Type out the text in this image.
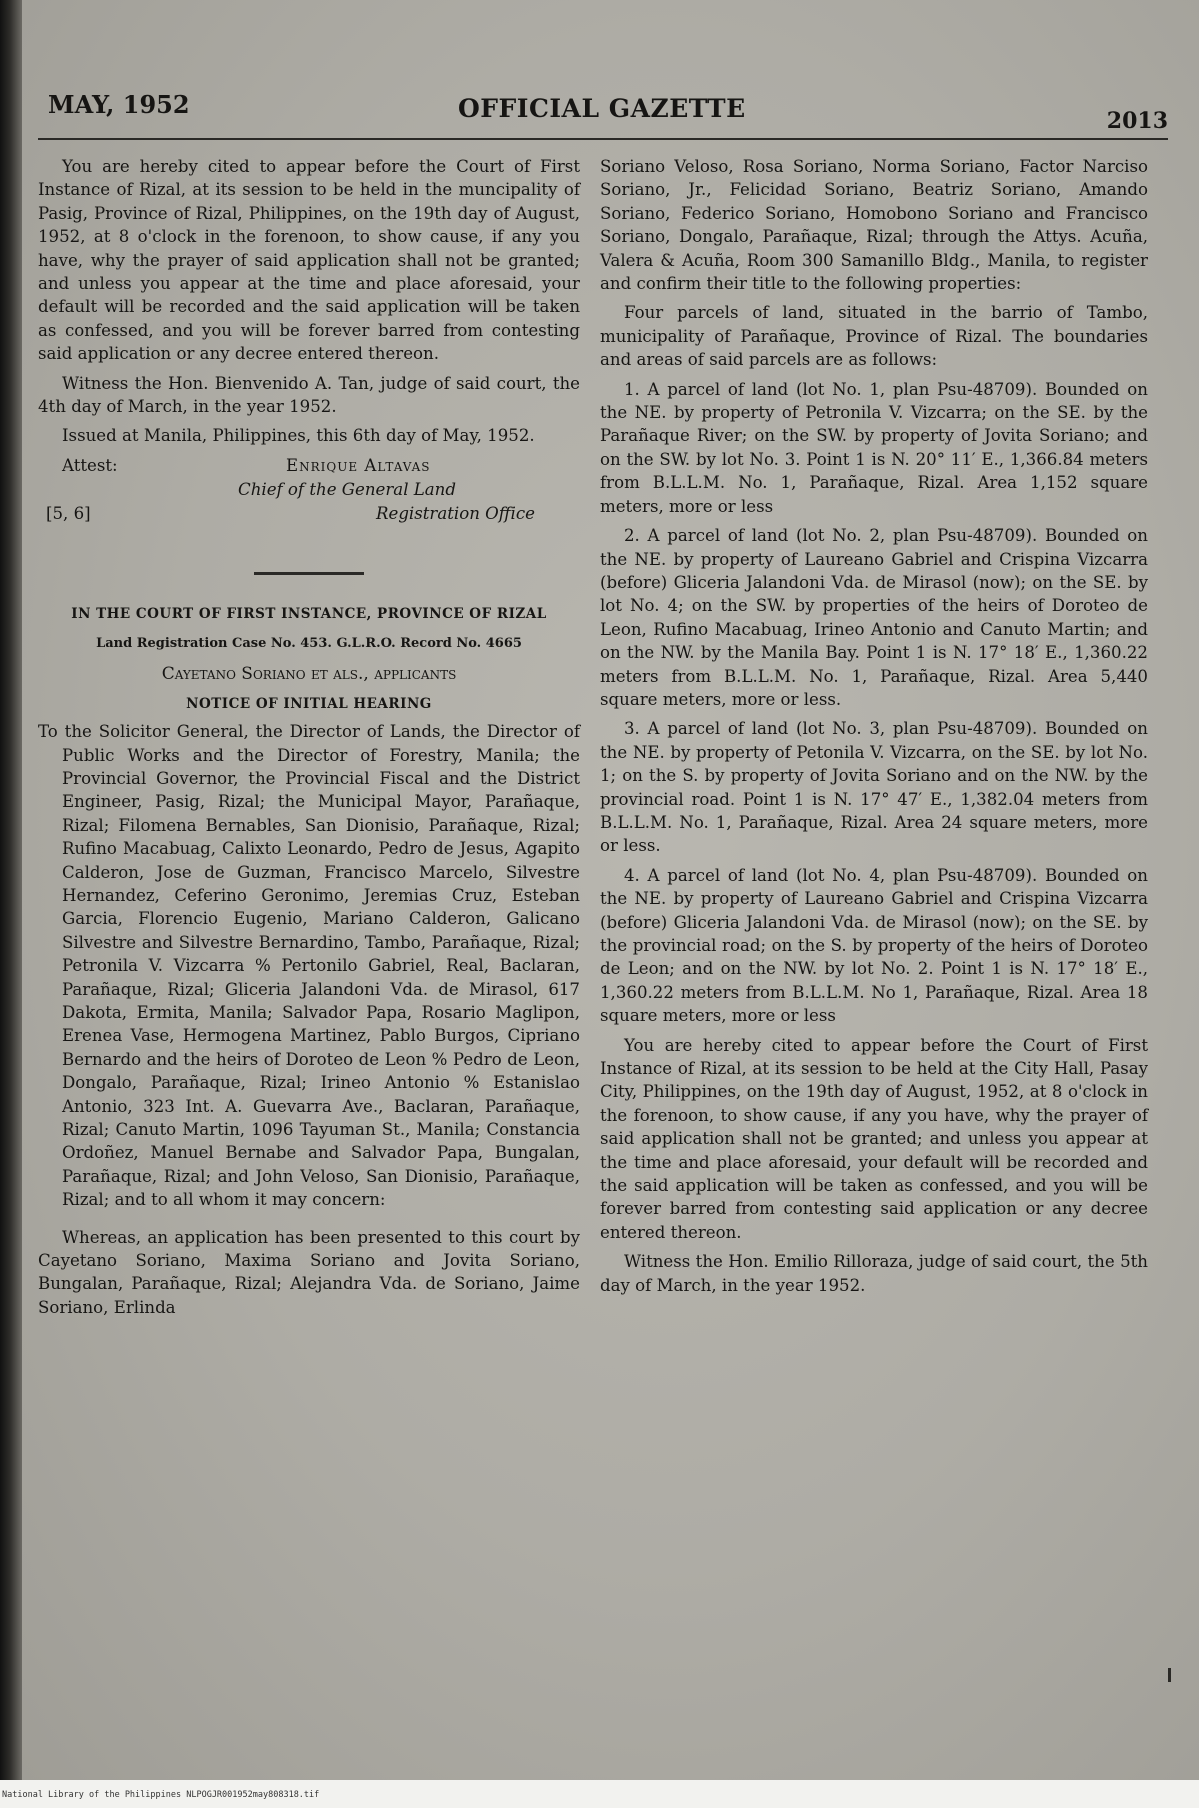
MAY, 1952	OFFICIAL GAZETTE	2013

You are hereby cited to appear before the Court of First Instance of Rizal, at its session to be held in the muncipality of Pasig, Province of Rizal, Philippines, on the 19th day of August, 1952, at 8 o'clock in the forenoon, to show cause, if any you have, why the prayer of said application shall not be granted; and unless you appear at the time and place aforesaid, your default will be recorded and the said application will be taken as confessed, and you will be forever barred from contesting said application or any decree entered thereon.

Witness the Hon. Bienvenido A. Tan, judge of said court, the 4th day of March, in the year 1952.

Issued at Manila, Philippines, this 6th day of May, 1952.

Attest:	Enrique Altavas
Chief of the General Land
[5, 6]	Registration Office
IN THE COURT OF FIRST INSTANCE, PROVINCE OF RIZAL
Land Registration Case No. 453. G.L.R.O. Record No. 4665
Cayetano Soriano et als., applicants
NOTICE OF INITIAL HEARING

To the Solicitor General, the Director of Lands, the Director of Public Works and the Director of Forestry, Manila; the Provincial Governor, the Provincial Fiscal and the District Engineer, Pasig, Rizal; the Municipal Mayor, Parañaque, Rizal; Filomena Bernables, San Dionisio, Parañaque, Rizal; Rufino Macabuag, Calixto Leonardo, Pedro de Jesus, Agapito Calderon, Jose de Guzman, Francisco Marcelo, Silvestre Hernandez, Ceferino Geronimo, Jeremias Cruz, Esteban Garcia, Florencio Eugenio, Mariano Calderon, Galicano Silvestre and Silvestre Bernardino, Tambo, Parañaque, Rizal; Petronila V. Vizcarra % Pertonilo Gabriel, Real, Baclaran, Parañaque, Rizal; Gliceria Jalandoni Vda. de Mirasol, 617 Dakota, Ermita, Manila; Salvador Papa, Rosario Maglipon, Erenea Vase, Hermogena Martinez, Pablo Burgos, Cipriano Bernardo and the heirs of Doroteo de Leon % Pedro de Leon, Dongalo, Parañaque, Rizal; Irineo Antonio % Estanislao Antonio, 323 Int. A. Guevarra Ave., Baclaran, Parañaque, Rizal; Canuto Martin, 1096 Tayuman St., Manila; Constancia Ordoñez, Manuel Bernabe and Salvador Papa, Bungalan, Parañaque, Rizal; and John Veloso, San Dionisio, Parañaque, Rizal; and to all whom it may concern:

Whereas, an application has been presented to this court by Cayetano Soriano, Maxima Soriano and Jovita Soriano, Bungalan, Parañaque, Rizal; Alejandra Vda. de Soriano, Jaime Soriano, Erlinda

Soriano Veloso, Rosa Soriano, Norma Soriano, Factor Narciso Soriano, Jr., Felicidad Soriano, Beatriz Soriano, Amando Soriano, Federico Soriano, Homobono Soriano and Francisco Soriano, Dongalo, Parañaque, Rizal; through the Attys. Acuña, Valera & Acuña, Room 300 Samanillo Bldg., Manila, to register and confirm their title to the following properties:

Four parcels of land, situated in the barrio of Tambo, municipality of Parañaque, Province of Rizal. The boundaries and areas of said parcels are as follows:

1. A parcel of land (lot No. 1, plan Psu-48709). Bounded on the NE. by property of Petronila V. Vizcarra; on the SE. by the Parañaque River; on the SW. by property of Jovita Soriano; and on the SW. by lot No. 3. Point 1 is N. 20° 11′ E., 1,366.84 meters from B.L.L.M. No. 1, Parañaque, Rizal. Area 1,152 square meters, more or less

2. A parcel of land (lot No. 2, plan Psu-48709). Bounded on the NE. by property of Laureano Gabriel and Crispina Vizcarra (before) Gliceria Jalandoni Vda. de Mirasol (now); on the SE. by lot No. 4; on the SW. by properties of the heirs of Doroteo de Leon, Rufino Macabuag, Irineo Antonio and Canuto Martin; and on the NW. by the Manila Bay. Point 1 is N. 17° 18′ E., 1,360.22 meters from B.L.L.M. No. 1, Parañaque, Rizal. Area 5,440 square meters, more or less.

3. A parcel of land (lot No. 3, plan Psu-48709). Bounded on the NE. by property of Petonila V. Vizcarra, on the SE. by lot No. 1; on the S. by property of Jovita Soriano and on the NW. by the provincial road. Point 1 is N. 17° 47′ E., 1,382.04 meters from B.L.L.M. No. 1, Parañaque, Rizal. Area 24 square meters, more or less.

4. A parcel of land (lot No. 4, plan Psu-48709). Bounded on the NE. by property of Laureano Gabriel and Crispina Vizcarra (before) Gliceria Jalandoni Vda. de Mirasol (now); on the SE. by the provincial road; on the S. by property of the heirs of Doroteo de Leon; and on the NW. by lot No. 2. Point 1 is N. 17° 18′ E., 1,360.22 meters from B.L.L.M. No 1, Parañaque, Rizal. Area 18 square meters, more or less

You are hereby cited to appear before the Court of First Instance of Rizal, at its session to be held at the City Hall, Pasay City, Philippines, on the 19th day of August, 1952, at 8 o'clock in the forenoon, to show cause, if any you have, why the prayer of said application shall not be granted; and unless you appear at the time and place aforesaid, your default will be recorded and the said application will be taken as confessed, and you will be forever barred from contesting said application or any decree entered thereon.

Witness the Hon. Emilio Rilloraza, judge of said court, the 5th day of March, in the year 1952.

National Library of the Philippines NLPOGJR001952may808318.tif
